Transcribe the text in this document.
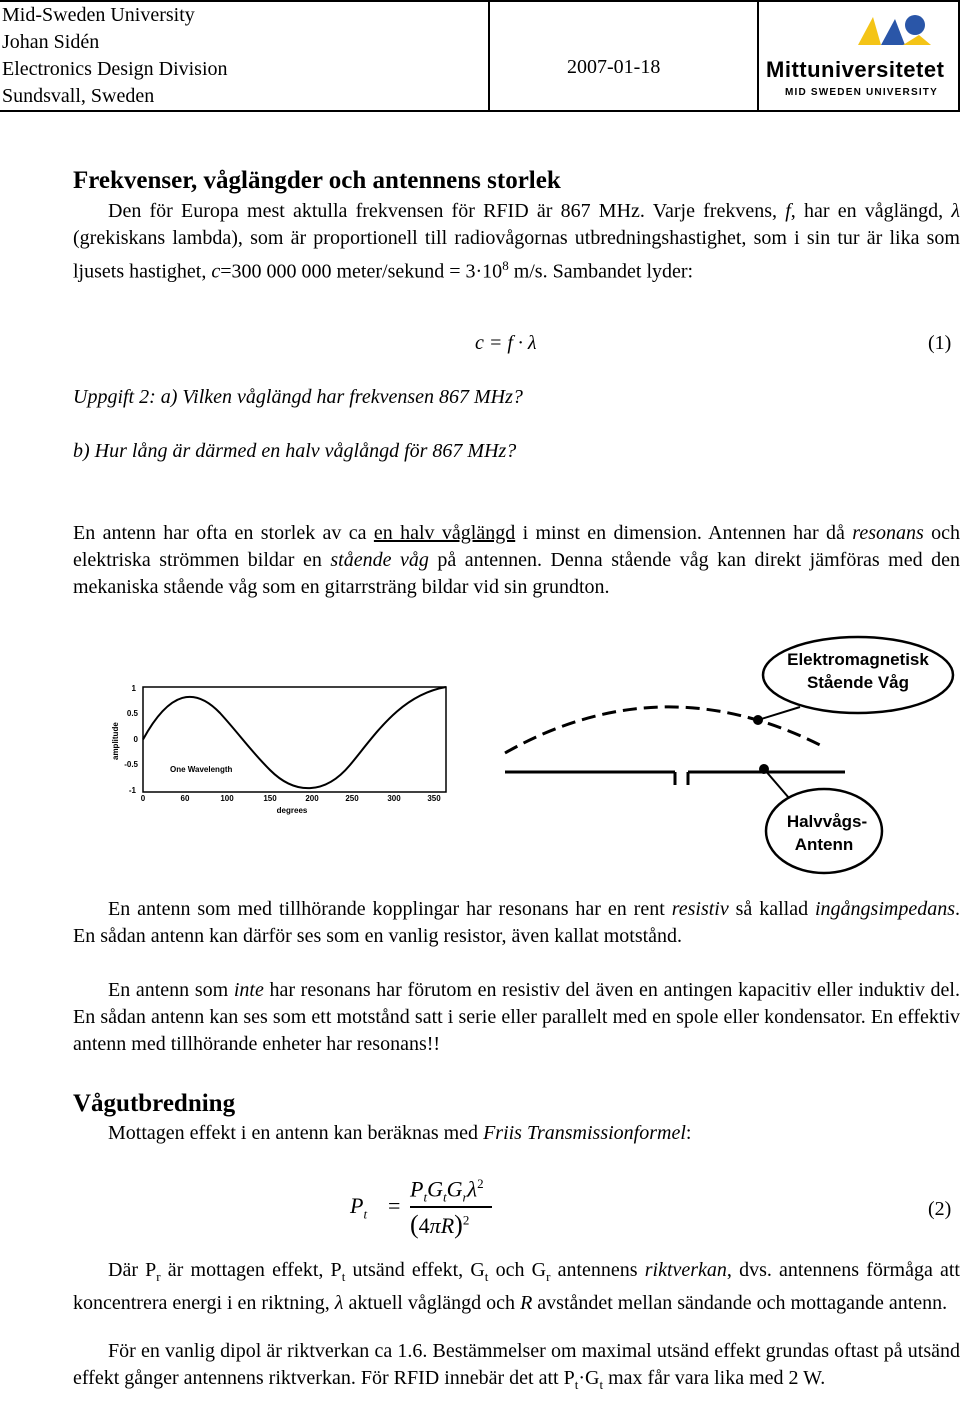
Mid-Sweden University
Johan Sidén
Electronics Design Division
Sundsvall, Sweden
2007-01-18	Mittuniversitetet
MID SWEDEN UNIVERSITY
Frekvenser, våglängder och antennens storlek
Den för Europa mest aktulla frekvensen för RFID är 867 MHz. Varje frekvens, f, har en våglängd, λ (grekiskans lambda), som är proportionell till radiovågornas utbredningshastighet, som i sin tur är lika som ljusets hastighet, c=300 000 000 meter/sekund = $3\cdot 10^8$ m/s. Sambandet lyder:
c = f · λ	(1)
Uppgift 2: a) Vilken våglängd har frekvensen 867 MHz?
b) Hur lång är därmed en halv våglångd för 867 MHz?
En antenn har ofta en storlek av ca en halv våglängd i minst en dimension. Antennen har då resonans och elektriska strömmen bildar en stående våg på antennen. Denna stående våg kan direkt jämföras med den mekaniska stående våg som en gitarrsträng bildar vid sin grundton.
1
0.5
0
-0.5
-1
amplitude
0	60	100	150	200	250	300	350
degrees
One Wavelength
Elektromagnetisk
Stående Våg
Halvvågs-
Antenn
En antenn som med tillhörande kopplingar har resonans har en rent resistiv så kallad ingångsimpedans. En sådan antenn kan därför ses som en vanlig resistor, även kallat motstånd.
En antenn som inte har resonans har förutom en resistiv del även en antingen kapacitiv eller induktiv del. En sådan antenn kan ses som ett motstånd satt i serie eller parallelt med en spole eller kondensator. En effektiv antenn med tillhörande enheter har resonans!!
Vågutbredning
Mottagen effekt i en antenn kan beräknas med Friis Transmissionformel:
$P_t$ =
$P_tG_tG_r\lambda^2$
$(4\pi R)^2$
(2)
Där $P_r$ är mottagen effekt, $P_t$ utsänd effekt, $G_t$ och $G_r$ antennens riktverkan, dvs. antennens förmåga att koncentrera energi i en riktning, λ aktuell våglängd och R avståndet mellan sändande och mottagande antenn.
För en vanlig dipol är riktverkan ca 1.6. Bestämmelser om maximal utsänd effekt grundas oftast på utsänd effekt gånger antennens riktverkan. För RFID innebär det att $P_t\cdot G_t$ max får vara lika med 2 W.
